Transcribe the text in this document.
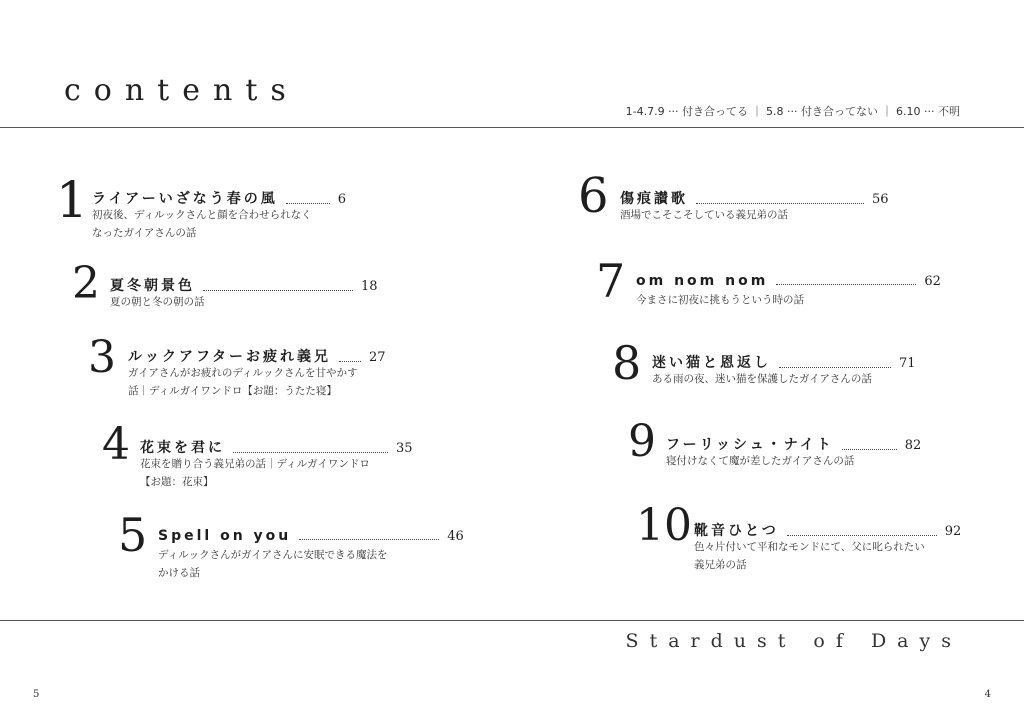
contents
1-4.7.9 ··· 付き合ってる ｜ 5.8 ··· 付き合ってない ｜ 6.10 ··· 不明
1 ライアーいざなう春の風	6
初夜後、ディルックさんと顔を合わせられなく
なったガイアさんの話
2 夏冬朝景色	18
夏の朝と冬の朝の話
3 ルックアフターお疲れ義兄	27
ガイアさんがお疲れのディルックさんを甘やかす
話｜ディルガイワンドロ【お題：うたた寝】
4 花束を君に	35
花束を贈り合う義兄弟の話｜ディルガイワンドロ
【お題：花束】
5 Spell on you	46
ディルックさんがガイアさんに安眠できる魔法を
かける話
6 傷痕讃歌	56
酒場でこそこそしている義兄弟の話
7 om nom nom	62
今まさに初夜に挑もうという時の話
8 迷い猫と恩返し	71
ある雨の夜、迷い猫を保護したガイアさんの話
9 フーリッシュ・ナイト	82
寝付けなくて魔が差したガイアさんの話
10 靴音ひとつ	92
色々片付いて平和なモンドにて、父に叱られたい
義兄弟の話
Stardust of Days
5	4
